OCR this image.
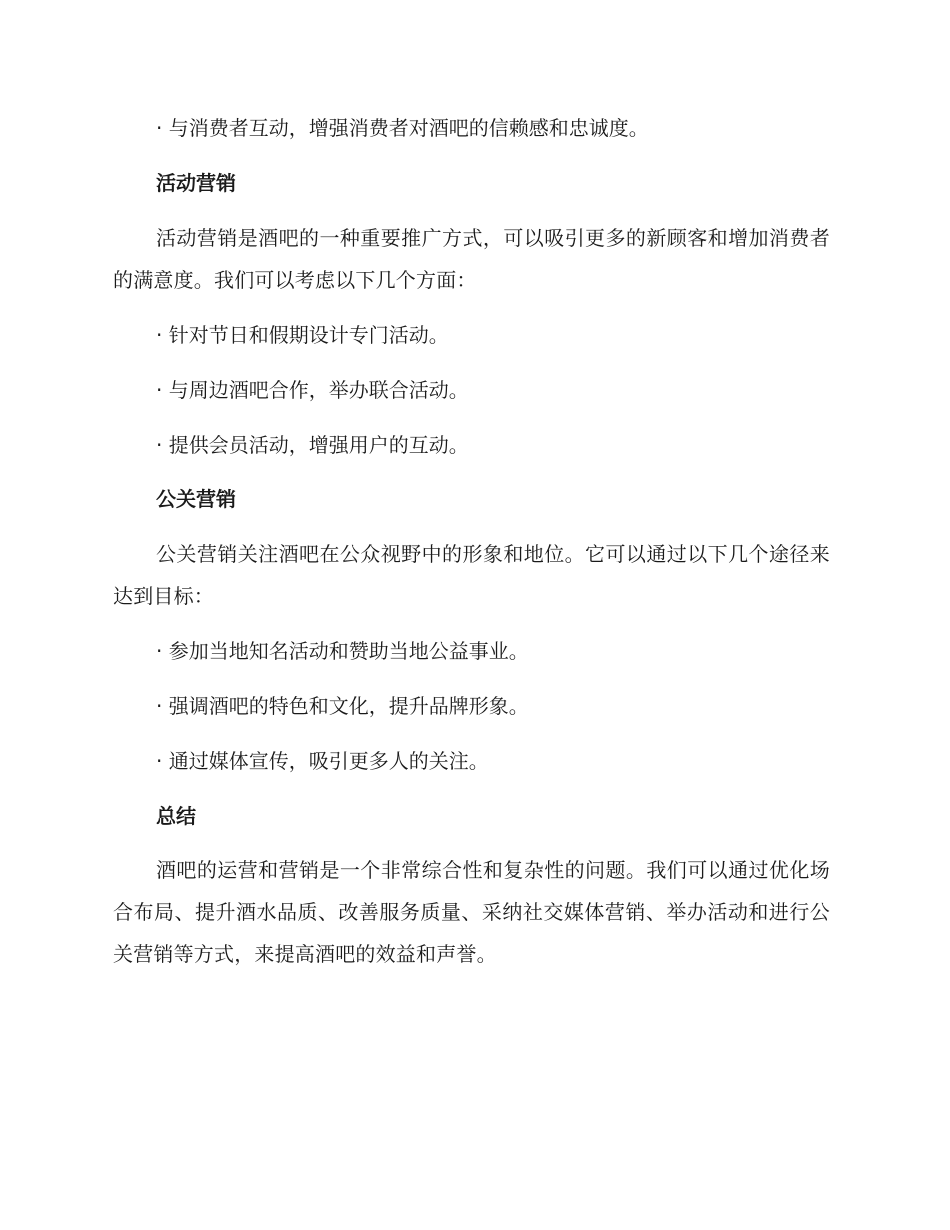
· 与消费者互动，增强消费者对酒吧的信赖感和忠诚度。
活动营销
活动营销是酒吧的一种重要推广方式，可以吸引更多的新顾客和增加消费者的满意度。我们可以考虑以下几个方面：
· 针对节日和假期设计专门活动。
· 与周边酒吧合作，举办联合活动。
· 提供会员活动，增强用户的互动。
公关营销
公关营销关注酒吧在公众视野中的形象和地位。它可以通过以下几个途径来达到目标：
· 参加当地知名活动和赞助当地公益事业。
· 强调酒吧的特色和文化，提升品牌形象。
· 通过媒体宣传，吸引更多人的关注。
总结
酒吧的运营和营销是一个非常综合性和复杂性的问题。我们可以通过优化场合布局、提升酒水品质、改善服务质量、采纳社交媒体营销、举办活动和进行公关营销等方式，来提高酒吧的效益和声誉。
